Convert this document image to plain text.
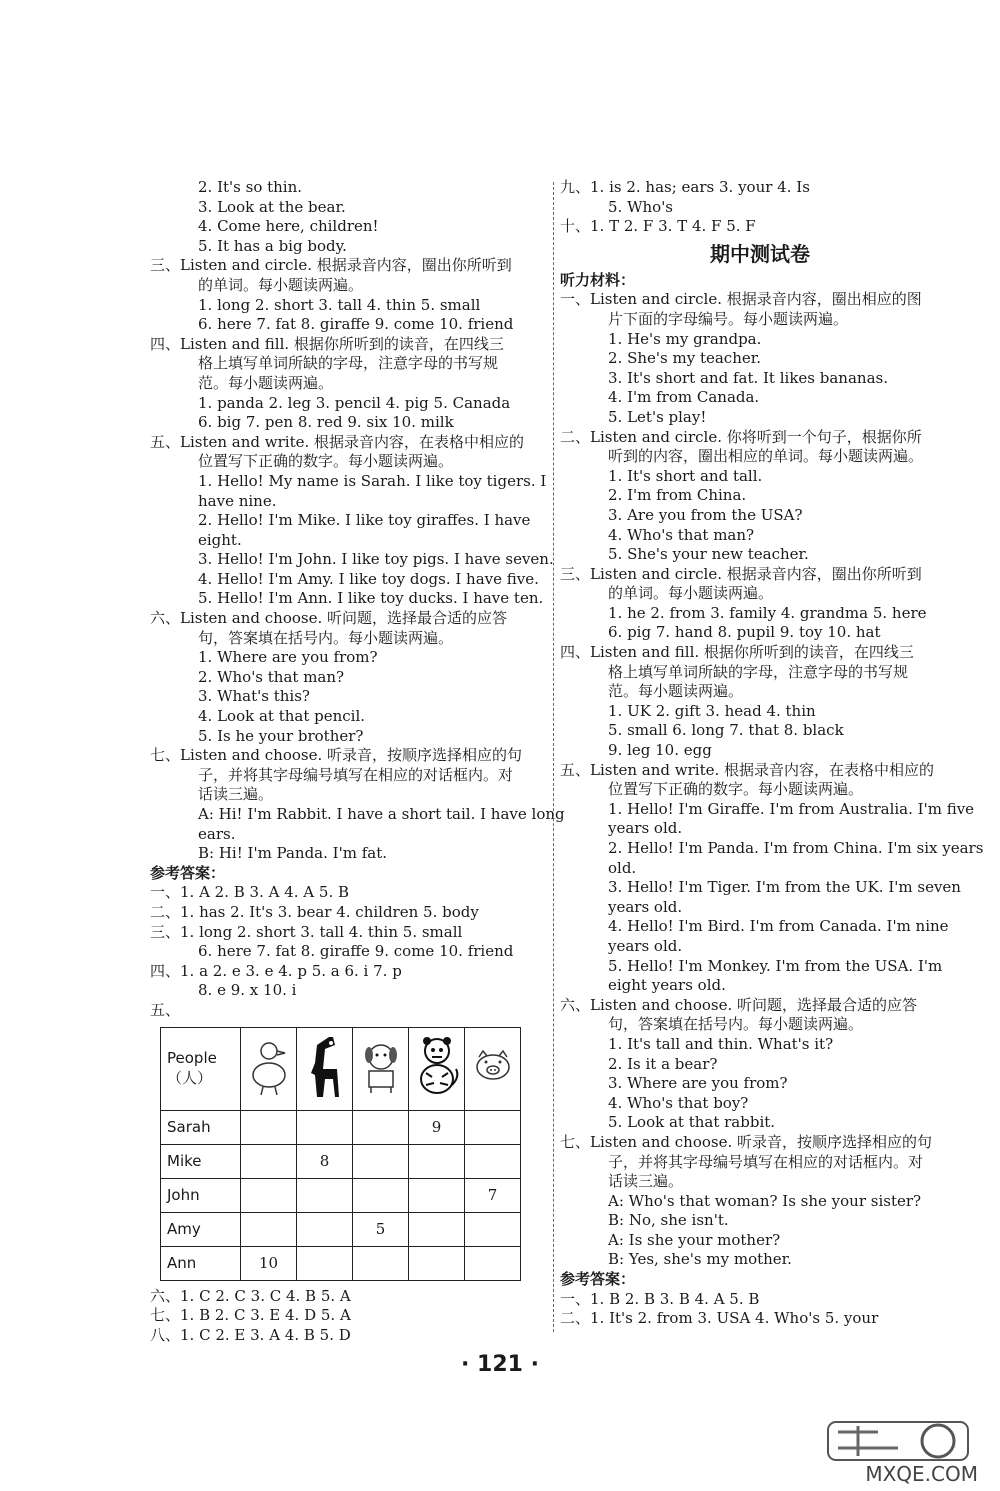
2. It's so thin.
3. Look at the bear.
4. Come here, children!
5. It has a big body.
三、Listen and circle. 根据录音内容，圈出你所听到
的单词。每小题读两遍。
1. long 2. short 3. tall 4. thin 5. small
6. here 7. fat 8. giraffe 9. come 10. friend
四、Listen and fill. 根据你所听到的读音，在四线三
格上填写单词所缺的字母，注意字母的书写规
范。每小题读两遍。
1. panda 2. leg 3. pencil 4. pig 5. Canada
6. big 7. pen 8. red 9. six 10. milk
五、Listen and write. 根据录音内容，在表格中相应的
位置写下正确的数字。每小题读两遍。
1. Hello! My name is Sarah. I like toy tigers. I
have nine.
2. Hello! I'm Mike. I like toy giraffes. I have
eight.
3. Hello! I'm John. I like toy pigs. I have seven.
4. Hello! I'm Amy. I like toy dogs. I have five.
5. Hello! I'm Ann. I like toy ducks. I have ten.
六、Listen and choose. 听问题，选择最合适的应答
句，答案填在括号内。每小题读两遍。
1. Where are you from?
2. Who's that man?
3. What's this?
4. Look at that pencil.
5. Is he your brother?
七、Listen and choose. 听录音，按顺序选择相应的句
子，并将其字母编号填写在相应的对话框内。对
话读三遍。
A: Hi! I'm Rabbit. I have a short tail. I have long
ears.
B: Hi! I'm Panda. I'm fat.
参考答案：
一、1. A 2. B 3. A 4. A 5. B
二、1. has 2. It's 3. bear 4. children 5. body
三、1. long 2. short 3. tall 4. thin 5. small
6. here 7. fat 8. giraffe 9. come 10. friend
四、1. a 2. e 3. e 4. p 5. a 6. i 7. p
8. e 9. x 10. i
五、
People（人）					
Sarah				9	
Mike		8			
John					7
Amy			5		
Ann	10				
六、1. C 2. C 3. C 4. B 5. A
七、1. B 2. C 3. E 4. D 5. A
八、1. C 2. E 3. A 4. B 5. D
九、1. is 2. has; ears 3. your 4. Is
5. Who's
十、1. T 2. F 3. T 4. F 5. F
期中测试卷
听力材料：
一、Listen and circle. 根据录音内容，圈出相应的图
片下面的字母编号。每小题读两遍。
1. He's my grandpa.
2. She's my teacher.
3. It's short and fat. It likes bananas.
4. I'm from Canada.
5. Let's play!
二、Listen and circle. 你将听到一个句子，根据你所
听到的内容，圈出相应的单词。每小题读两遍。
1. It's short and tall.
2. I'm from China.
3. Are you from the USA?
4. Who's that man?
5. She's your new teacher.
三、Listen and circle. 根据录音内容，圈出你所听到
的单词。每小题读两遍。
1. he 2. from 3. family 4. grandma 5. here
6. pig 7. hand 8. pupil 9. toy 10. hat
四、Listen and fill. 根据你所听到的读音，在四线三
格上填写单词所缺的字母，注意字母的书写规
范。每小题读两遍。
1. UK 2. gift 3. head 4. thin
5. small 6. long 7. that 8. black
9. leg 10. egg
五、Listen and write. 根据录音内容，在表格中相应的
位置写下正确的数字。每小题读两遍。
1. Hello! I'm Giraffe. I'm from Australia. I'm five
years old.
2. Hello! I'm Panda. I'm from China. I'm six years
old.
3. Hello! I'm Tiger. I'm from the UK. I'm seven
years old.
4. Hello! I'm Bird. I'm from Canada. I'm nine
years old.
5. Hello! I'm Monkey. I'm from the USA. I'm
eight years old.
六、Listen and choose. 听问题，选择最合适的应答
句，答案填在括号内。每小题读两遍。
1. It's tall and thin. What's it?
2. Is it a bear?
3. Where are you from?
4. Who's that boy?
5. Look at that rabbit.
七、Listen and choose. 听录音，按顺序选择相应的句
子，并将其字母编号填写在相应的对话框内。对
话读三遍。
A: Who's that woman? Is she your sister?
B: No, she isn't.
A: Is she your mother?
B: Yes, she's my mother.
参考答案：
一、1. B 2. B 3. B 4. A 5. B
二、1. It's 2. from 3. USA 4. Who's 5. your
· 121 ·
MXQE.COM
